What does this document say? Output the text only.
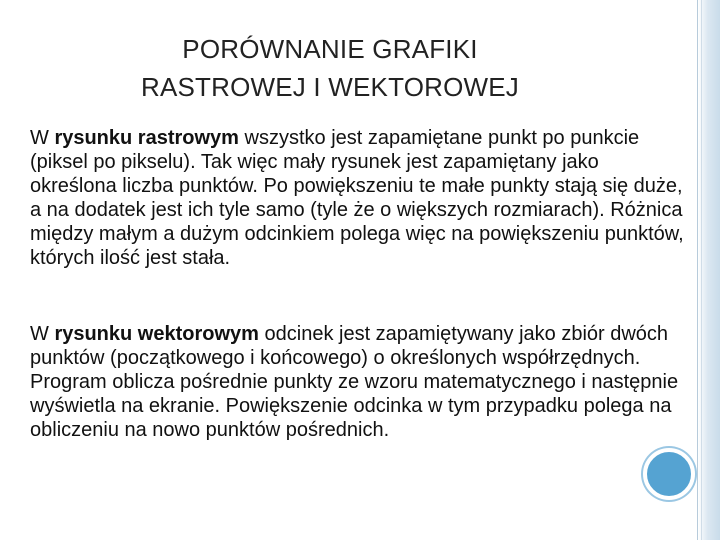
PORÓWNANIE GRAFIKI
RASTROWEJ I WEKTOROWEJ
W rysunku rastrowym wszystko jest zapamiętane punkt po punkcie (piksel po pikselu). Tak więc mały rysunek jest zapamiętany jako określona liczba punktów. Po powiększeniu te małe punkty stają się duże, a na dodatek jest ich tyle samo (tyle że o większych rozmiarach). Różnica między małym a dużym odcinkiem polega więc na powiększeniu punktów, których ilość jest stała.
W rysunku wektorowym odcinek jest zapamiętywany jako zbiór dwóch punktów (początkowego i końcowego) o określonych współrzędnych. Program oblicza pośrednie punkty ze wzoru matematycznego i następnie wyświetla na ekranie. Powiększenie odcinka w tym przypadku polega na obliczeniu na nowo punktów pośrednich.
